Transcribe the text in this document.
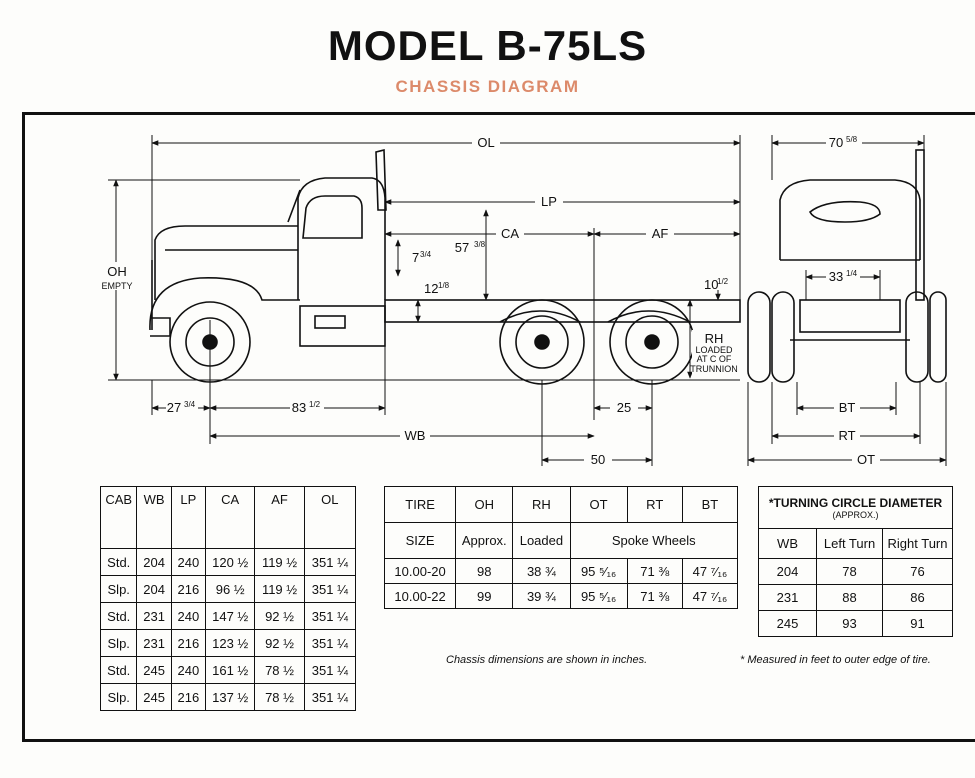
MODEL B-75LS
CHASSIS DIAGRAM
OL
LP
CA	AF
OH
EMPTY
57 3/8
7 3/4
12 1/8	10
1/2
RH
LOADED
AT C OF
TRUNNION
27 3/4	83 1/2
WB
25
50
70 5/8
33 1/4
BT
RT
OT
CAB	WB	LP	CA	AF	OL
Std.	204	240	120 ½	119 ½	351 ¼
Slp.	204	216	96 ½	119 ½	351 ¼
Std.	231	240	147 ½	92 ½	351 ¼
Slp.	231	216	123 ½	92 ½	351 ¼
Std.	245	240	161 ½	78 ½	351 ¼
Slp.	245	216	137 ½	78 ½	351 ¼
TIRE	OH	RH	OT	RT	BT
SIZE	Approx.	Loaded	Spoke Wheels		
10.00-20	98	38 ¾	95 ⁵⁄₁₆	71 ⅜	47 ⁷⁄₁₆
10.00-22	99	39 ¾	95 ⁵⁄₁₆	71 ⅜	47 ⁷⁄₁₆
*TURNING CIRCLE DIAMETER
(APPROX.)		

WB	Left Turn	Right Turn
204	78	76
231	88	86
245	93	91
Chassis dimensions are shown in inches.	* Measured in feet to outer edge of tire.
